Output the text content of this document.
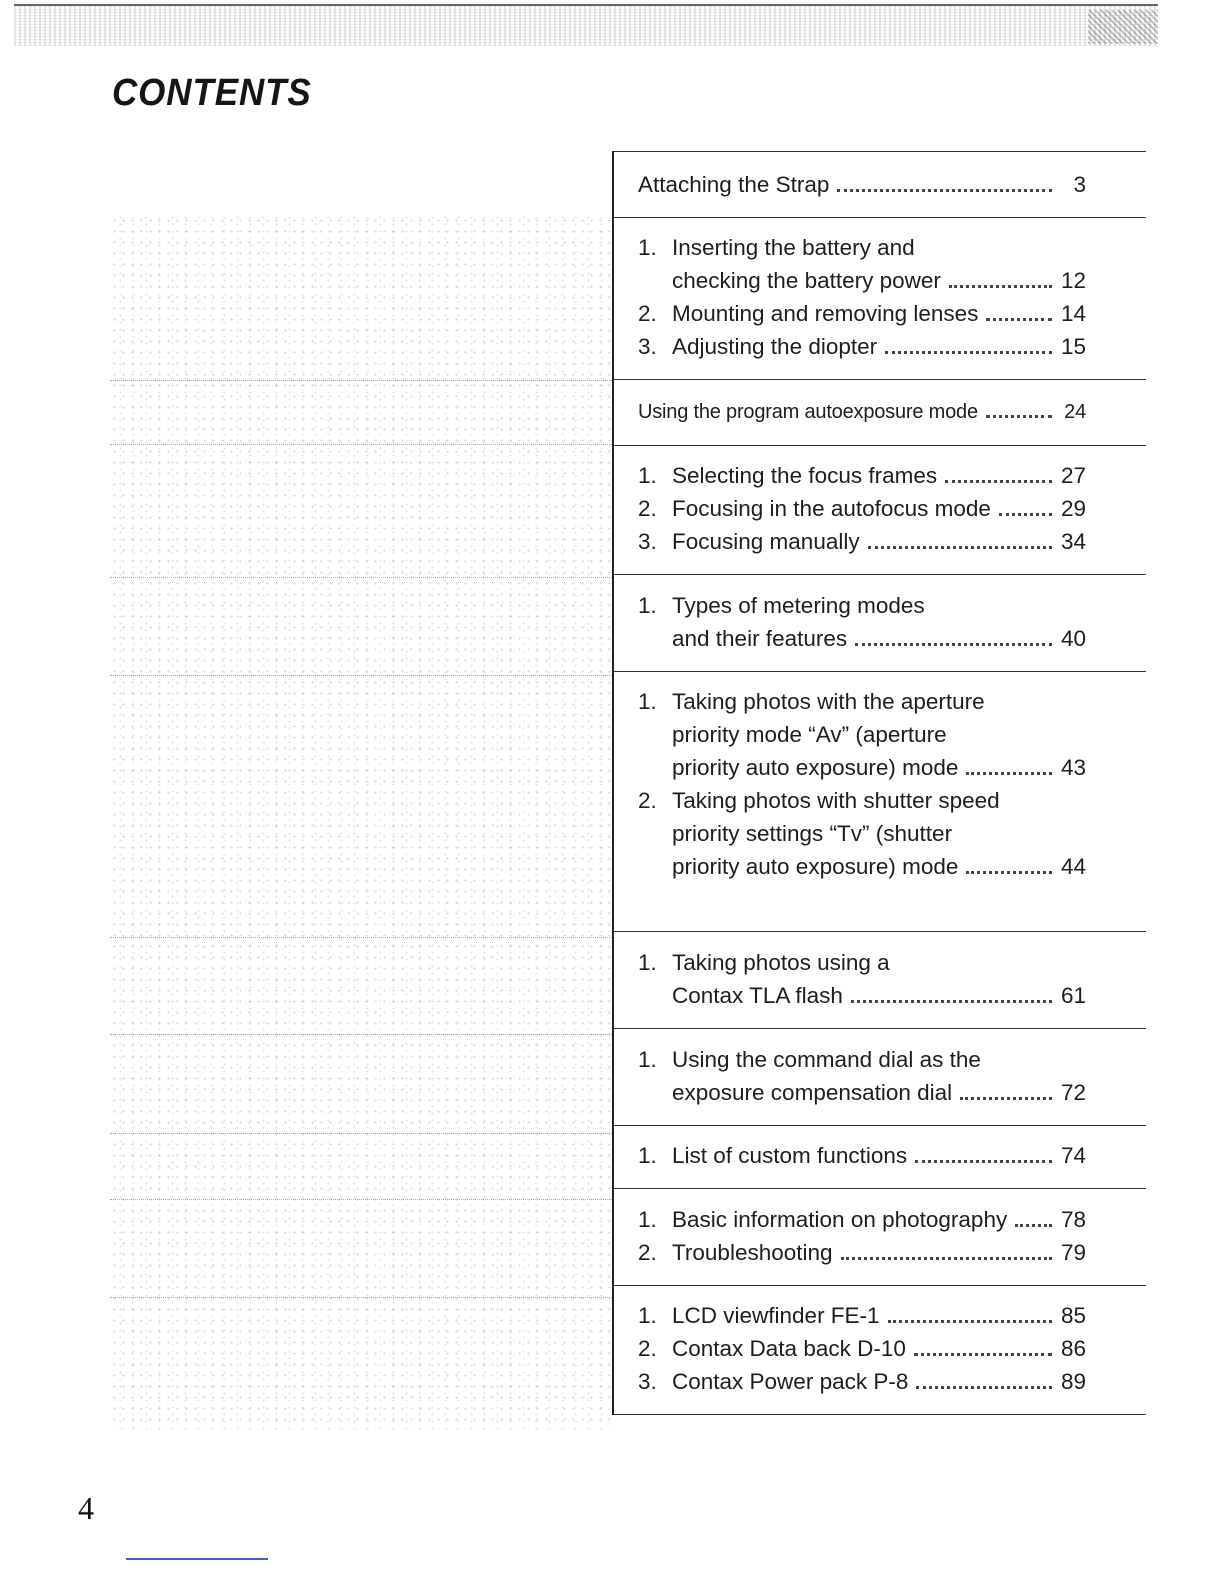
CONTENTS
Attaching the Strap	3
1. Inserting the battery and
checking the battery power	12
2. Mounting and removing lenses	14
3. Adjusting the diopter	15
Using the program autoexposure mode	24
1. Selecting the focus frames	27
2. Focusing in the autofocus mode	29
3. Focusing manually	34
1. Types of metering modes
and their features	40
1. Taking photos with the aperture
priority mode “Av” (aperture
priority auto exposure) mode	43
2. Taking photos with shutter speed
priority settings “Tv” (shutter
priority auto exposure) mode	44
1. Taking photos using a
Contax TLA flash	61
1. Using the command dial as the
exposure compensation dial	72
1. List of custom functions	74
1. Basic information on photography 78
2. Troubleshooting	79
1. LCD viewfinder FE-1	85
2. Contax Data back D-10	86
3. Contax Power pack P-8	89
4
